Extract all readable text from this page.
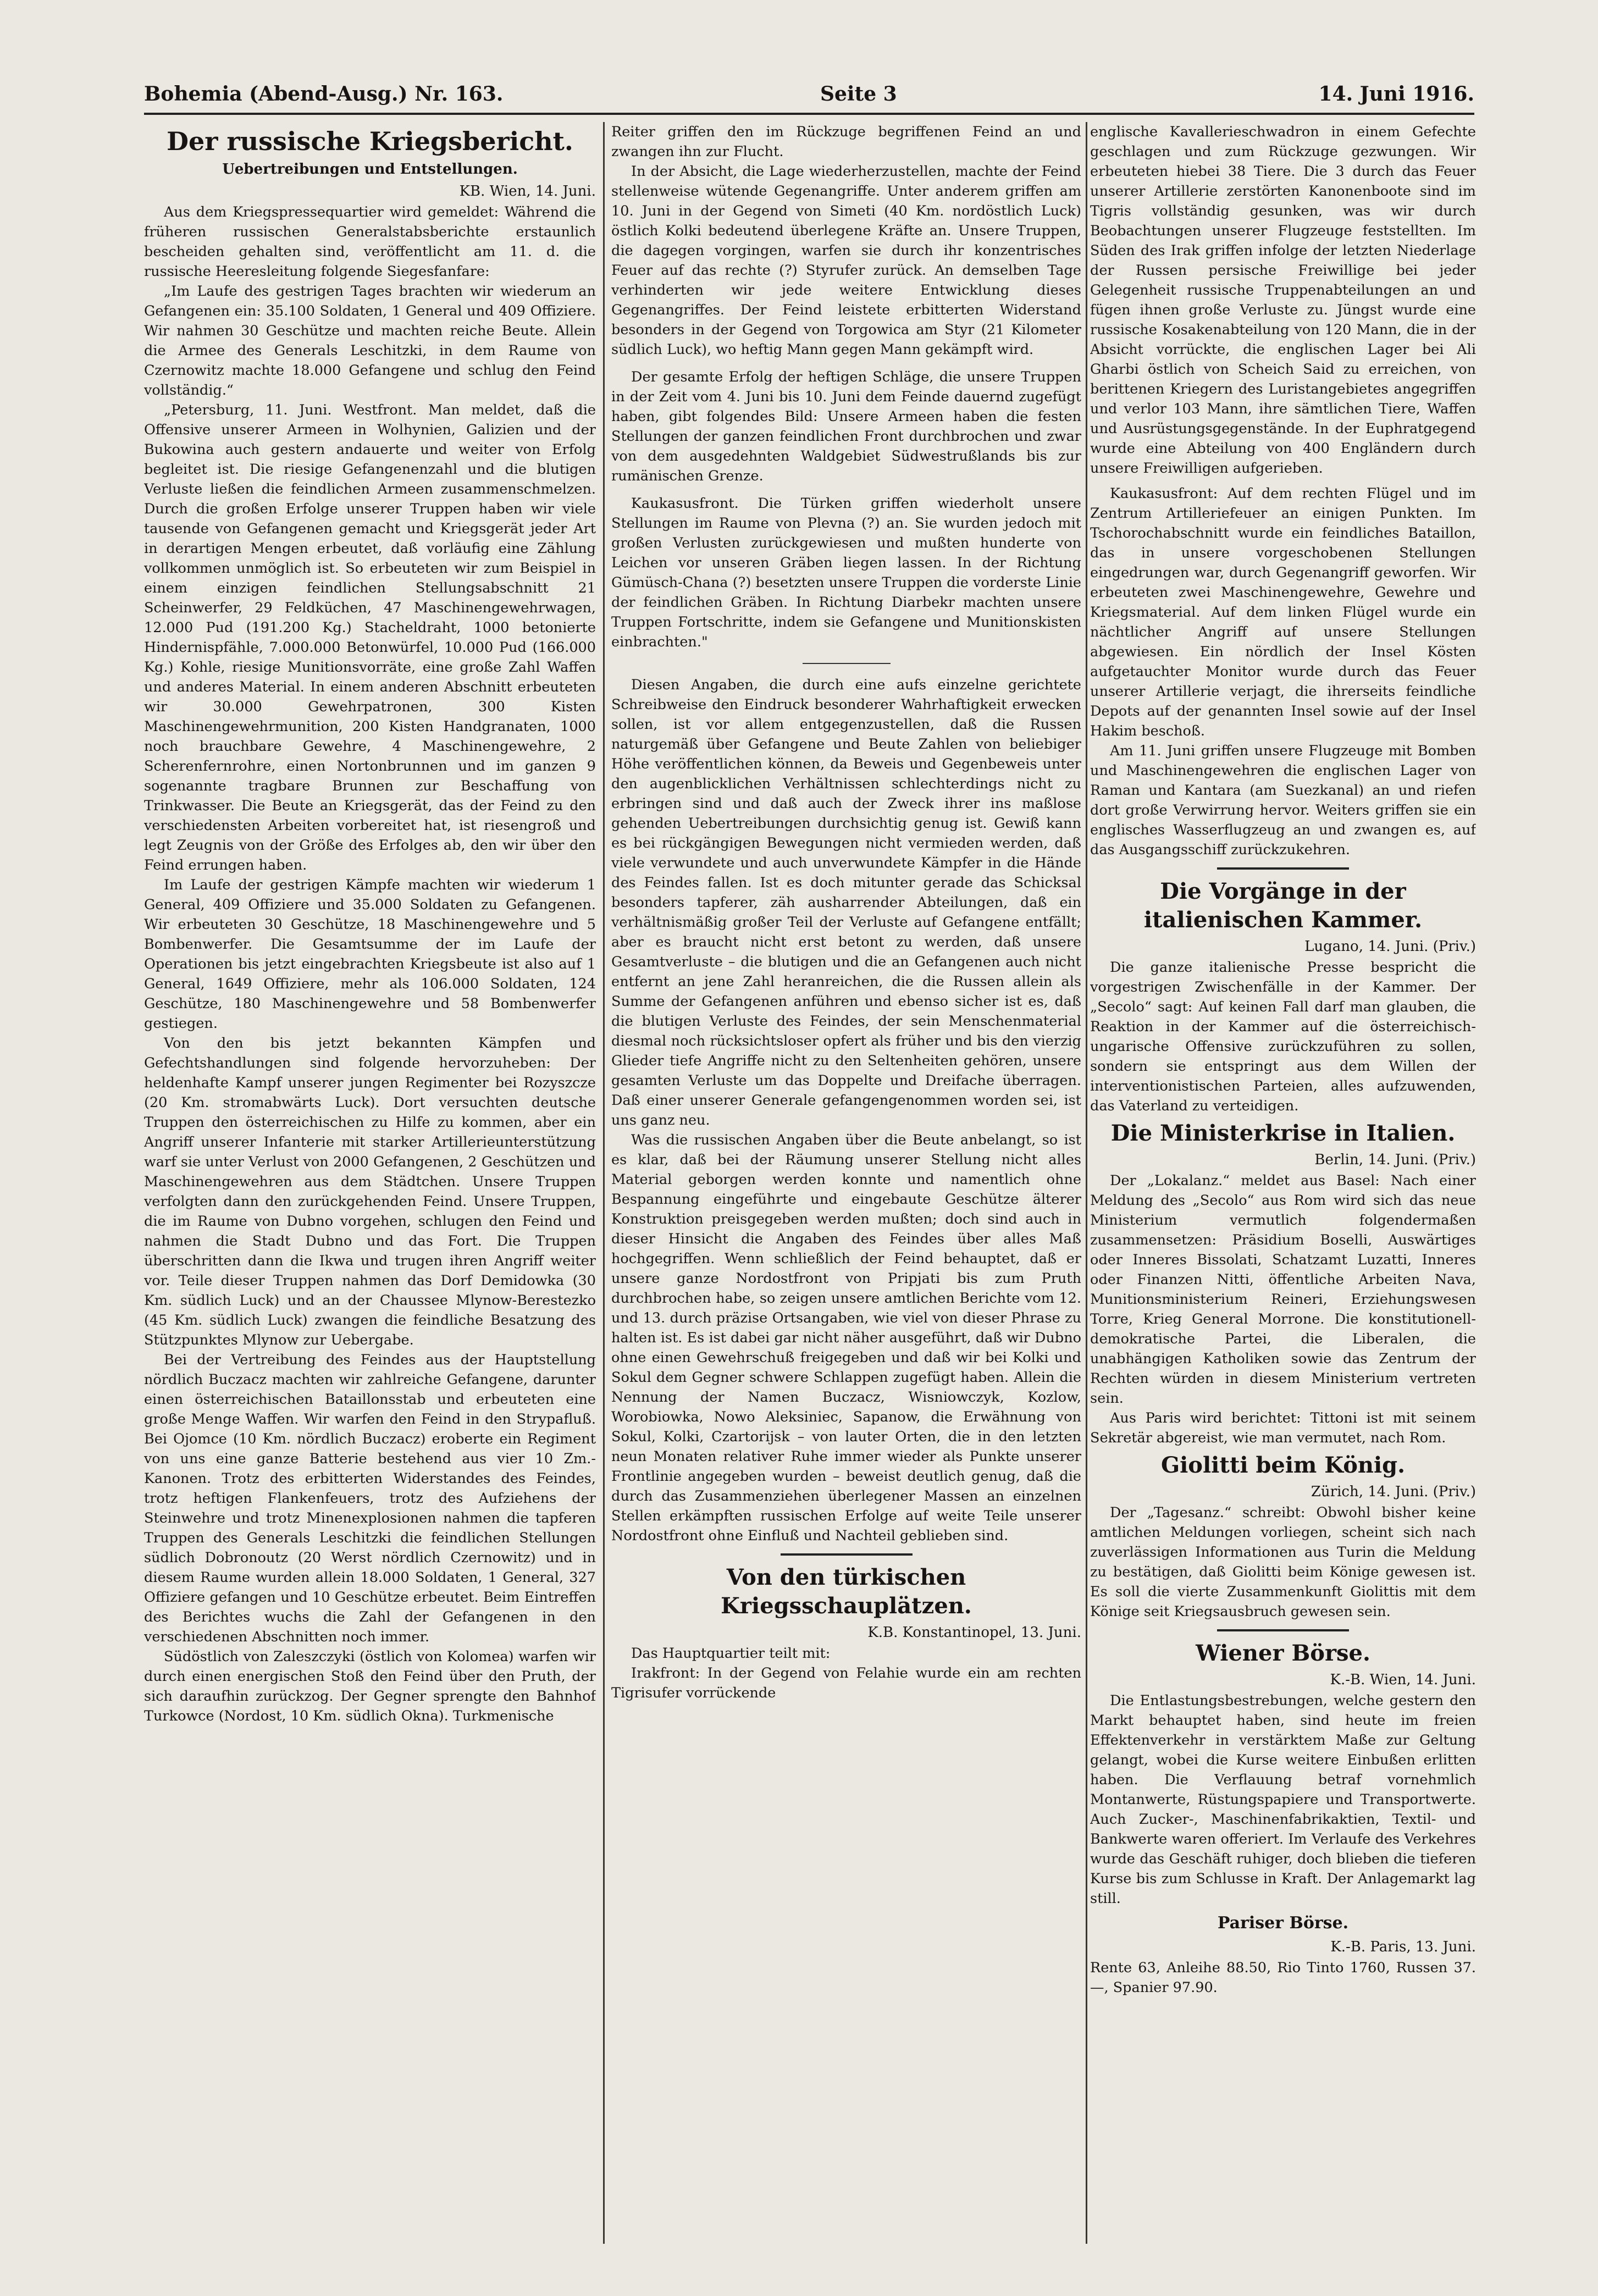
Bohemia (Abend-Ausg.) Nr. 163.	Seite 3	14. Juni 1916.
Der russische Kriegsbericht.
Uebertreibungen und Entstellungen.
KB. Wien, 14. Juni.

Aus dem Kriegspressequartier wird gemeldet: Während die früheren russischen Generalstabsberichte erstaunlich bescheiden gehalten sind, veröffentlicht am 11. d. die russische Heeresleitung folgende Siegesfanfare:

„Im Laufe des gestrigen Tages brachten wir wiederum an Gefangenen ein: 35.100 Soldaten, 1 General und 409 Offiziere. Wir nahmen 30 Geschütze und machten reiche Beute. Allein die Armee des Generals Leschitzki, in dem Raume von Czernowitz machte 18.000 Gefangene und schlug den Feind vollständig.“

„Petersburg, 11. Juni. Westfront. Man meldet, daß die Offensive unserer Armeen in Wolhynien, Galizien und der Bukowina auch gestern andauerte und weiter von Erfolg begleitet ist. Die riesige Gefangenenzahl und die blutigen Verluste ließen die feindlichen Armeen zusammenschmelzen. Durch die großen Erfolge unserer Truppen haben wir viele tausende von Gefangenen gemacht und Kriegsgerät jeder Art in derartigen Mengen erbeutet, daß vorläufig eine Zählung vollkommen unmöglich ist. So erbeuteten wir zum Beispiel in einem einzigen feindlichen Stellungsabschnitt 21 Scheinwerfer, 29 Feldküchen, 47 Maschinengewehrwagen, 12.000 Pud (191.200 Kg.) Stacheldraht, 1000 betonierte Hindernispfähle, 7.000.000 Betonwürfel, 10.000 Pud (166.000 Kg.) Kohle, riesige Munitionsvorräte, eine große Zahl Waffen und anderes Material. In einem anderen Abschnitt erbeuteten wir 30.000 Gewehrpatronen, 300 Kisten Maschinengewehrmunition, 200 Kisten Handgranaten, 1000 noch brauchbare Gewehre, 4 Maschinengewehre, 2 Scherenfernrohre, einen Nortonbrunnen und im ganzen 9 sogenannte tragbare Brunnen zur Beschaffung von Trinkwasser. Die Beute an Kriegsgerät, das der Feind zu den verschiedensten Arbeiten vorbereitet hat, ist riesengroß und legt Zeugnis von der Größe des Erfolges ab, den wir über den Feind errungen haben.

Im Laufe der gestrigen Kämpfe machten wir wiederum 1 General, 409 Offiziere und 35.000 Soldaten zu Gefangenen. Wir erbeuteten 30 Geschütze, 18 Maschinengewehre und 5 Bombenwerfer. Die Gesamtsumme der im Laufe der Operationen bis jetzt eingebrachten Kriegsbeute ist also auf 1 General, 1649 Offiziere, mehr als 106.000 Soldaten, 124 Geschütze, 180 Maschinengewehre und 58 Bombenwerfer gestiegen.

Von den bis jetzt bekannten Kämpfen und Gefechtshandlungen sind folgende hervorzuheben: Der heldenhafte Kampf unserer jungen Regimenter bei Rozyszcze (20 Km. stromabwärts Luck). Dort versuchten deutsche Truppen den österreichischen zu Hilfe zu kommen, aber ein Angriff unserer Infanterie mit starker Artillerieunterstützung warf sie unter Verlust von 2000 Gefangenen, 2 Geschützen und Maschinengewehren aus dem Städtchen. Unsere Truppen verfolgten dann den zurückgehenden Feind. Unsere Truppen, die im Raume von Dubno vorgehen, schlugen den Feind und nahmen die Stadt Dubno und das Fort. Die Truppen überschritten dann die Ikwa und trugen ihren Angriff weiter vor. Teile dieser Truppen nahmen das Dorf Demidowka (30 Km. südlich Luck) und an der Chaussee Mlynow-Berestezko (45 Km. südlich Luck) zwangen die feindliche Besatzung des Stützpunktes Mlynow zur Uebergabe.

Bei der Vertreibung des Feindes aus der Hauptstellung nördlich Buczacz machten wir zahlreiche Gefangene, darunter einen österreichischen Bataillonsstab und erbeuteten eine große Menge Waffen. Wir warfen den Feind in den Strypafluß. Bei Ojomce (10 Km. nördlich Buczacz) eroberte ein Regiment von uns eine ganze Batterie bestehend aus vier 10 Zm.-Kanonen. Trotz des erbitterten Widerstandes des Feindes, trotz heftigen Flankenfeuers, trotz des Aufziehens der Steinwehre und trotz Minenexplosionen nahmen die tapferen Truppen des Generals Leschitzki die feindlichen Stellungen südlich Dobronoutz (20 Werst nördlich Czernowitz) und in diesem Raume wurden allein 18.000 Soldaten, 1 General, 327 Offiziere gefangen und 10 Geschütze erbeutet. Beim Eintreffen des Berichtes wuchs die Zahl der Gefangenen in den verschiedenen Abschnitten noch immer.

Südöstlich von Zaleszczyki (östlich von Kolomea) warfen wir durch einen energischen Stoß den Feind über den Pruth, der sich daraufhin zurückzog. Der Gegner sprengte den Bahnhof Turkowce (Nordost, 10 Km. südlich Okna). Turkmenische

Reiter griffen den im Rückzuge begriffenen Feind an und zwangen ihn zur Flucht.

In der Absicht, die Lage wiederherzustellen, machte der Feind stellenweise wütende Gegenangriffe. Unter anderem griffen am 10. Juni in der Gegend von Simeti (40 Km. nordöstlich Luck) östlich Kolki bedeutend überlegene Kräfte an. Unsere Truppen, die dagegen vorgingen, warfen sie durch ihr konzentrisches Feuer auf das rechte (?) Styrufer zurück. An demselben Tage verhinderten wir jede weitere Entwicklung dieses Gegenangriffes. Der Feind leistete erbitterten Widerstand besonders in der Gegend von Torgowica am Styr (21 Kilometer südlich Luck), wo heftig Mann gegen Mann gekämpft wird.

Der gesamte Erfolg der heftigen Schläge, die unsere Truppen in der Zeit vom 4. Juni bis 10. Juni dem Feinde dauernd zugefügt haben, gibt folgendes Bild: Unsere Armeen haben die festen Stellungen der ganzen feindlichen Front durchbrochen und zwar von dem ausgedehnten Waldgebiet Südwestrußlands bis zur rumänischen Grenze.

Kaukasusfront. Die Türken griffen wiederholt unsere Stellungen im Raume von Plevna (?) an. Sie wurden jedoch mit großen Verlusten zurückgewiesen und mußten hunderte von Leichen vor unseren Gräben liegen lassen. In der Richtung Gümüsch-Chana (?) besetzten unsere Truppen die vorderste Linie der feindlichen Gräben. In Richtung Diarbekr machten unsere Truppen Fortschritte, indem sie Gefangene und Munitionskisten einbrachten."

Diesen Angaben, die durch eine aufs einzelne gerichtete Schreibweise den Eindruck besonderer Wahrhaftigkeit erwecken sollen, ist vor allem entgegenzustellen, daß die Russen naturgemäß über Gefangene und Beute Zahlen von beliebiger Höhe veröffentlichen können, da Beweis und Gegenbeweis unter den augenblicklichen Verhältnissen schlechterdings nicht zu erbringen sind und daß auch der Zweck ihrer ins maßlose gehenden Uebertreibungen durchsichtig genug ist. Gewiß kann es bei rückgängigen Bewegungen nicht vermieden werden, daß viele verwundete und auch unverwundete Kämpfer in die Hände des Feindes fallen. Ist es doch mitunter gerade das Schicksal besonders tapferer, zäh ausharrender Abteilungen, daß ein verhältnismäßig großer Teil der Verluste auf Gefangene entfällt; aber es braucht nicht erst betont zu werden, daß unsere Gesamtverluste – die blutigen und die an Gefangenen auch nicht entfernt an jene Zahl heranreichen, die die Russen allein als Summe der Gefangenen anführen und ebenso sicher ist es, daß die blutigen Verluste des Feindes, der sein Menschenmaterial diesmal noch rücksichtsloser opfert als früher und bis den vierzig Glieder tiefe Angriffe nicht zu den Seltenheiten gehören, unsere gesamten Verluste um das Doppelte und Dreifache überragen. Daß einer unserer Generale gefangengenommen worden sei, ist uns ganz neu.

Was die russischen Angaben über die Beute anbelangt, so ist es klar, daß bei der Räumung unserer Stellung nicht alles Material geborgen werden konnte und namentlich ohne Bespannung eingeführte und eingebaute Geschütze älterer Konstruktion preisgegeben werden mußten; doch sind auch in dieser Hinsicht die Angaben des Feindes über alles Maß hochgegriffen. Wenn schließlich der Feind behauptet, daß er unsere ganze Nordostfront von Pripjati bis zum Pruth durchbrochen habe, so zeigen unsere amtlichen Berichte vom 12. und 13. durch präzise Ortsangaben, wie viel von dieser Phrase zu halten ist. Es ist dabei gar nicht näher ausgeführt, daß wir Dubno ohne einen Gewehrschuß freigegeben und daß wir bei Kolki und Sokul dem Gegner schwere Schlappen zugefügt haben. Allein die Nennung der Namen Buczacz, Wisniowczyk, Kozlow, Worobiowka, Nowo Aleksiniec, Sapanow, die Erwähnung von Sokul, Kolki, Czartorijsk – von lauter Orten, die in den letzten neun Monaten relativer Ruhe immer wieder als Punkte unserer Frontlinie angegeben wurden – beweist deutlich genug, daß die durch das Zusammenziehen überlegener Massen an einzelnen Stellen erkämpften russischen Erfolge auf weite Teile unserer Nordostfront ohne Einfluß und Nachteil geblieben sind.

Von den türkischen Kriegsschauplätzen.
K.B. Konstantinopel, 13. Juni.

Das Hauptquartier teilt mit:

Irakfront: In der Gegend von Felahie wurde ein am rechten Tigrisufer vorrückende

englische Kavallerieschwadron in einem Gefechte geschlagen und zum Rückzuge gezwungen. Wir erbeuteten hiebei 38 Tiere. Die 3 durch das Feuer unserer Artillerie zerstörten Kanonenboote sind im Tigris vollständig gesunken, was wir durch Beobachtungen unserer Flugzeuge feststellten. Im Süden des Irak griffen infolge der letzten Niederlage der Russen persische Freiwillige bei jeder Gelegenheit russische Truppenabteilungen an und fügen ihnen große Verluste zu. Jüngst wurde eine russische Kosakenabteilung von 120 Mann, die in der Absicht vorrückte, die englischen Lager bei Ali Gharbi östlich von Scheich Said zu erreichen, von berittenen Kriegern des Luristangebietes angegriffen und verlor 103 Mann, ihre sämtlichen Tiere, Waffen und Ausrüstungsgegenstände. In der Euphratgegend wurde eine Abteilung von 400 Engländern durch unsere Freiwilligen aufgerieben.

Kaukasusfront: Auf dem rechten Flügel und im Zentrum Artilleriefeuer an einigen Punkten. Im Tschorochabschnitt wurde ein feindliches Bataillon, das in unsere vorgeschobenen Stellungen eingedrungen war, durch Gegenangriff geworfen. Wir erbeuteten zwei Maschinengewehre, Gewehre und Kriegsmaterial. Auf dem linken Flügel wurde ein nächtlicher Angriff auf unsere Stellungen abgewiesen. Ein nördlich der Insel Kösten aufgetauchter Monitor wurde durch das Feuer unserer Artillerie verjagt, die ihrerseits feindliche Depots auf der genannten Insel sowie auf der Insel Hakim beschoß.

Am 11. Juni griffen unsere Flugzeuge mit Bomben und Maschinengewehren die englischen Lager von Raman und Kantara (am Suezkanal) an und riefen dort große Verwirrung hervor. Weiters griffen sie ein englisches Wasserflugzeug an und zwangen es, auf das Ausgangsschiff zurückzukehren.

Die Vorgänge in der italienischen Kammer.
Lugano, 14. Juni. (Priv.)

Die ganze italienische Presse bespricht die vorgestrigen Zwischenfälle in der Kammer. Der „Secolo“ sagt: Auf keinen Fall darf man glauben, die Reaktion in der Kammer auf die österreichisch-ungarische Offensive zurückzuführen zu sollen, sondern sie entspringt aus dem Willen der interventionistischen Parteien, alles aufzuwenden, das Vaterland zu verteidigen.

Die Ministerkrise in Italien.
Berlin, 14. Juni. (Priv.)

Der „Lokalanz.“ meldet aus Basel: Nach einer Meldung des „Secolo“ aus Rom wird sich das neue Ministerium vermutlich folgendermaßen zusammensetzen: Präsidium Boselli, Auswärtiges oder Inneres Bissolati, Schatzamt Luzatti, Inneres oder Finanzen Nitti, öffentliche Arbeiten Nava, Munitionsministerium Reineri, Erziehungswesen Torre, Krieg General Morrone. Die konstitutionell-demokratische Partei, die Liberalen, die unabhängigen Katholiken sowie das Zentrum der Rechten würden in diesem Ministerium vertreten sein.

Aus Paris wird berichtet: Tittoni ist mit seinem Sekretär abgereist, wie man vermutet, nach Rom.

Giolitti beim König.
Zürich, 14. Juni. (Priv.)

Der „Tagesanz.“ schreibt: Obwohl bisher keine amtlichen Meldungen vorliegen, scheint sich nach zuverlässigen Informationen aus Turin die Meldung zu bestätigen, daß Giolitti beim Könige gewesen ist. Es soll die vierte Zusammenkunft Giolittis mit dem Könige seit Kriegsausbruch gewesen sein.

Wiener Börse.
K.-B. Wien, 14. Juni.

Die Entlastungsbestrebungen, welche gestern den Markt behauptet haben, sind heute im freien Effektenverkehr in verstärktem Maße zur Geltung gelangt, wobei die Kurse weitere Einbußen erlitten haben. Die Verflauung betraf vornehmlich Montanwerte, Rüstungspapiere und Transportwerte. Auch Zucker-, Maschinenfabrikaktien, Textil- und Bankwerte waren offeriert. Im Verlaufe des Verkehres wurde das Geschäft ruhiger, doch blieben die tieferen Kurse bis zum Schlusse in Kraft. Der Anlagemarkt lag still.

Pariser Börse.
K.-B. Paris, 13. Juni.

Rente 63, Anleihe 88.50, Rio Tinto 1760, Russen 37.—, Spanier 97.90.
